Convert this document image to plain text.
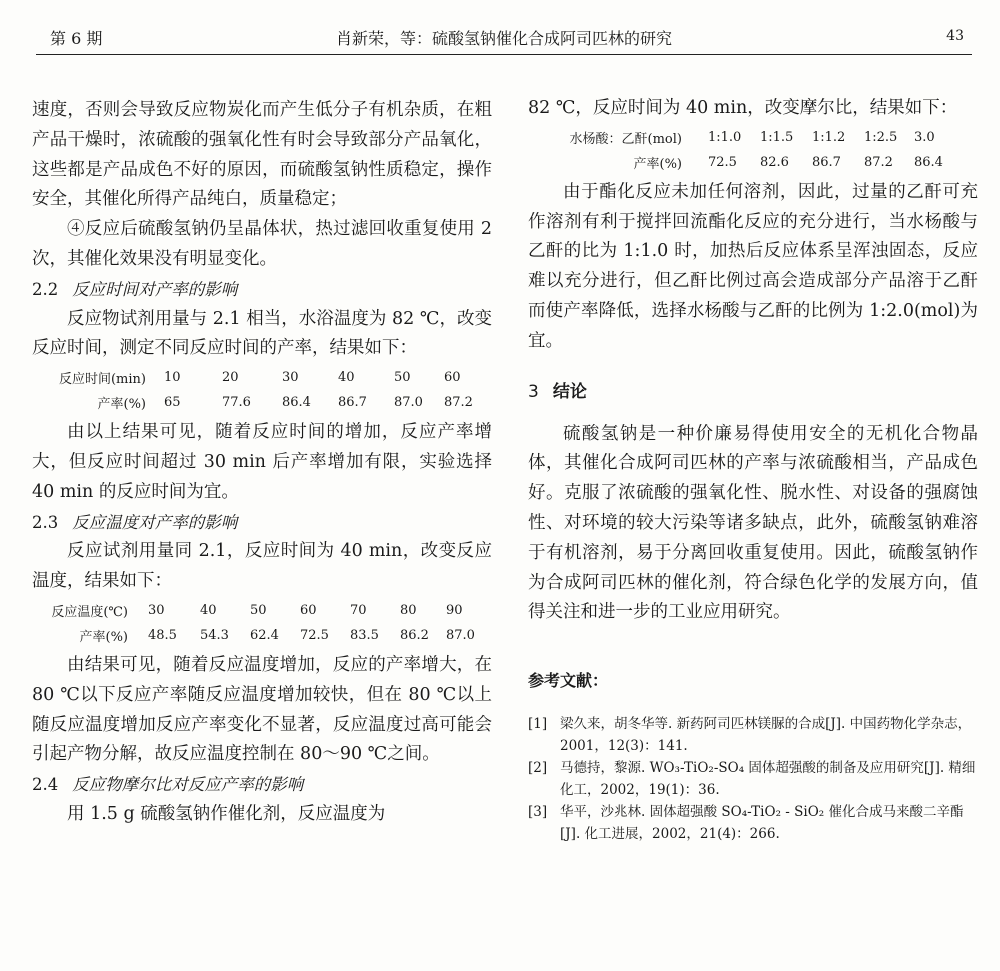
第 6 期	肖新荣，等：硫酸氢钠催化合成阿司匹林的研究	43

速度，否则会导致反应物炭化而产生低分子有机杂质，在粗产品干燥时，浓硫酸的强氧化性有时会导致部分产品氧化，这些都是产品成色不好的原因，而硫酸氢钠性质稳定，操作安全，其催化所得产品纯白，质量稳定；

④反应后硫酸氢钠仍呈晶体状，热过滤回收重复使用 2 次，其催化效果没有明显变化。

2.2 反应时间对产率的影响

反应物试剂用量与 2.1 相当，水浴温度为 82 ℃，改变反应时间，测定不同反应时间的产率，结果如下：

反应时间(min)	10	20	30	40	50	60
产率(%)	65	77.6	86.4	86.7	87.0	87.2

由以上结果可见，随着反应时间的增加，反应产率增大，但反应时间超过 30 min 后产率增加有限，实验选择 40 min 的反应时间为宜。

2.3 反应温度对产率的影响

反应试剂用量同 2.1，反应时间为 40 min，改变反应温度，结果如下：

反应温度(℃)	30	40	50	60	70	80	90
产率(%)	48.5	54.3	62.4	72.5	83.5	86.2	87.0

由结果可见，随着反应温度增加，反应的产率增大，在 80 ℃以下反应产率随反应温度增加较快，但在 80 ℃以上随反应温度增加反应产率变化不显著，反应温度过高可能会引起产物分解，故反应温度控制在 80～90 ℃之间。

2.4 反应物摩尔比对反应产率的影响

用 1.5 g 硫酸氢钠作催化剂，反应温度为

82 ℃，反应时间为 40 min，改变摩尔比，结果如下：

水杨酸：乙酐(mol)	1:1.0	1:1.5	1:1.2	1:2.5	3.0
产率(%)	72.5	82.6	86.7	87.2	86.4

由于酯化反应未加任何溶剂，因此，过量的乙酐可充作溶剂有利于搅拌回流酯化反应的充分进行，当水杨酸与乙酐的比为 1:1.0 时，加热后反应体系呈浑浊固态，反应难以充分进行，但乙酐比例过高会造成部分产品溶于乙酐而使产率降低，选择水杨酸与乙酐的比例为 1:2.0(mol)为宜。

3 结论

硫酸氢钠是一种价廉易得使用安全的无机化合物晶体，其催化合成阿司匹林的产率与浓硫酸相当，产品成色好。克服了浓硫酸的强氧化性、脱水性、对设备的强腐蚀性、对环境的较大污染等诸多缺点，此外，硫酸氢钠难溶于有机溶剂，易于分离回收重复使用。因此，硫酸氢钠作为合成阿司匹林的催化剂，符合绿色化学的发展方向，值得关注和进一步的工业应用研究。

参考文献：

[1] 梁久来，胡冬华等. 新药阿司匹林镁脲的合成[J]. 中国药物化学杂志，2001，12(3)：141.

[2] 马德持，黎源. WO₃-TiO₂-SO₄ 固体超强酸的制备及应用研究[J]. 精细化工，2002，19(1)：36.

[3] 华平，沙兆林. 固体超强酸 SO₄-TiO₂ - SiO₂ 催化合成马来酸二辛酯[J]. 化工进展，2002，21(4)：266.
